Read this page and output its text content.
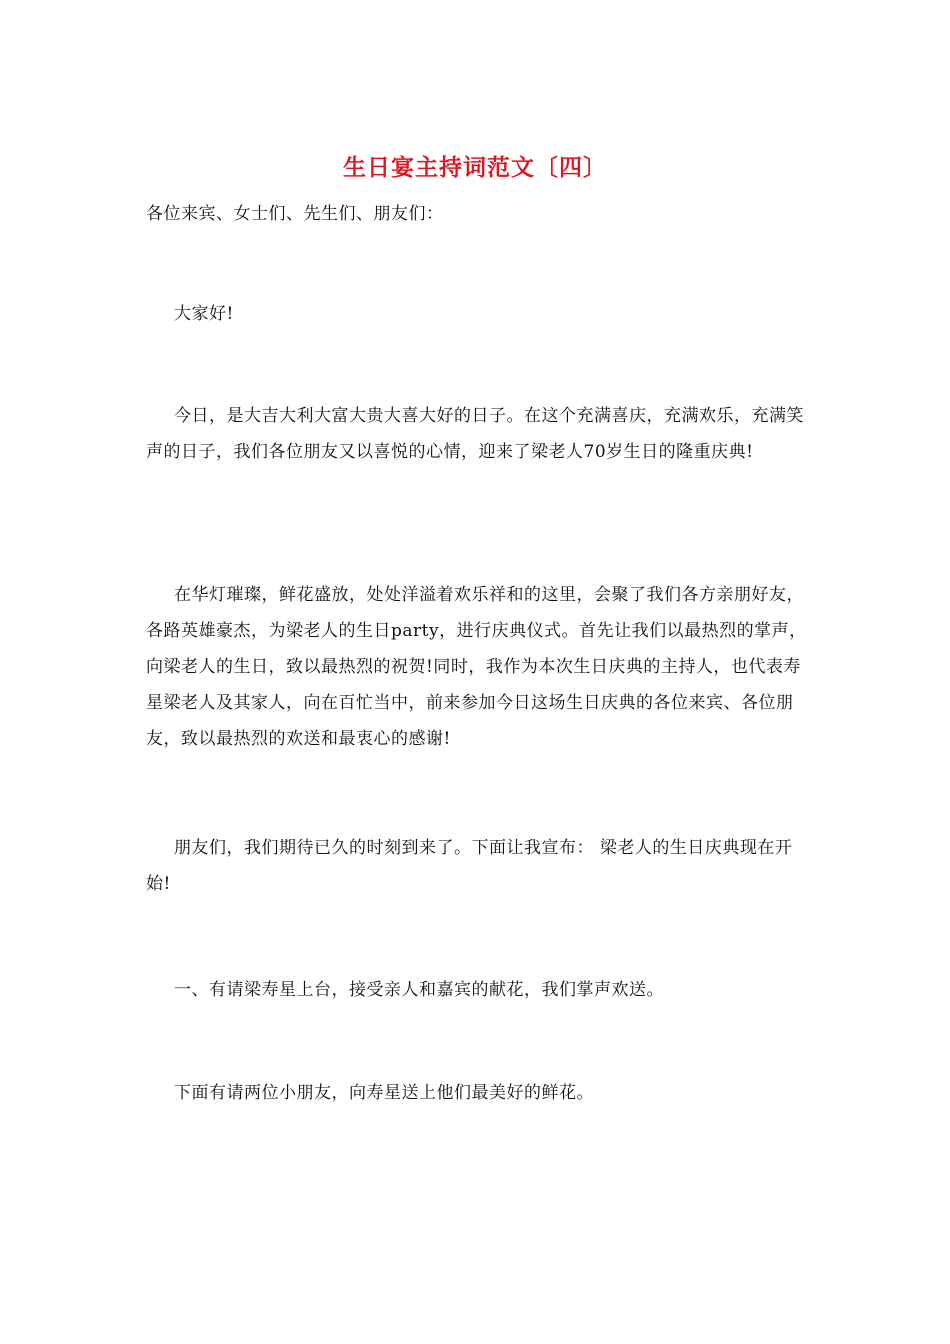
生日宴主持词范文〔四〕

各位来宾、女士们、先生们、朋友们：

大家好!

今日，是大吉大利大富大贵大喜大好的日子。在这个充满喜庆，充满欢乐，充满笑声的日子，我们各位朋友又以喜悦的心情，迎来了梁老人70岁生日的隆重庆典!

在华灯璀璨，鲜花盛放，处处洋溢着欢乐祥和的这里，会聚了我们各方亲朋好友，各路英雄豪杰，为梁老人的生日party，进行庆典仪式。首先让我们以最热烈的掌声，向梁老人的生日，致以最热烈的祝贺!同时，我作为本次生日庆典的主持人，也代表寿星梁老人及其家人，向在百忙当中，前来参加今日这场生日庆典的各位来宾、各位朋友，致以最热烈的欢送和最衷心的感谢!

朋友们，我们期待已久的时刻到来了。下面让我宣布： 梁老人的生日庆典现在开始!

一、有请梁寿星上台，接受亲人和嘉宾的献花，我们掌声欢送。

下面有请两位小朋友，向寿星送上他们最美好的鲜花。
